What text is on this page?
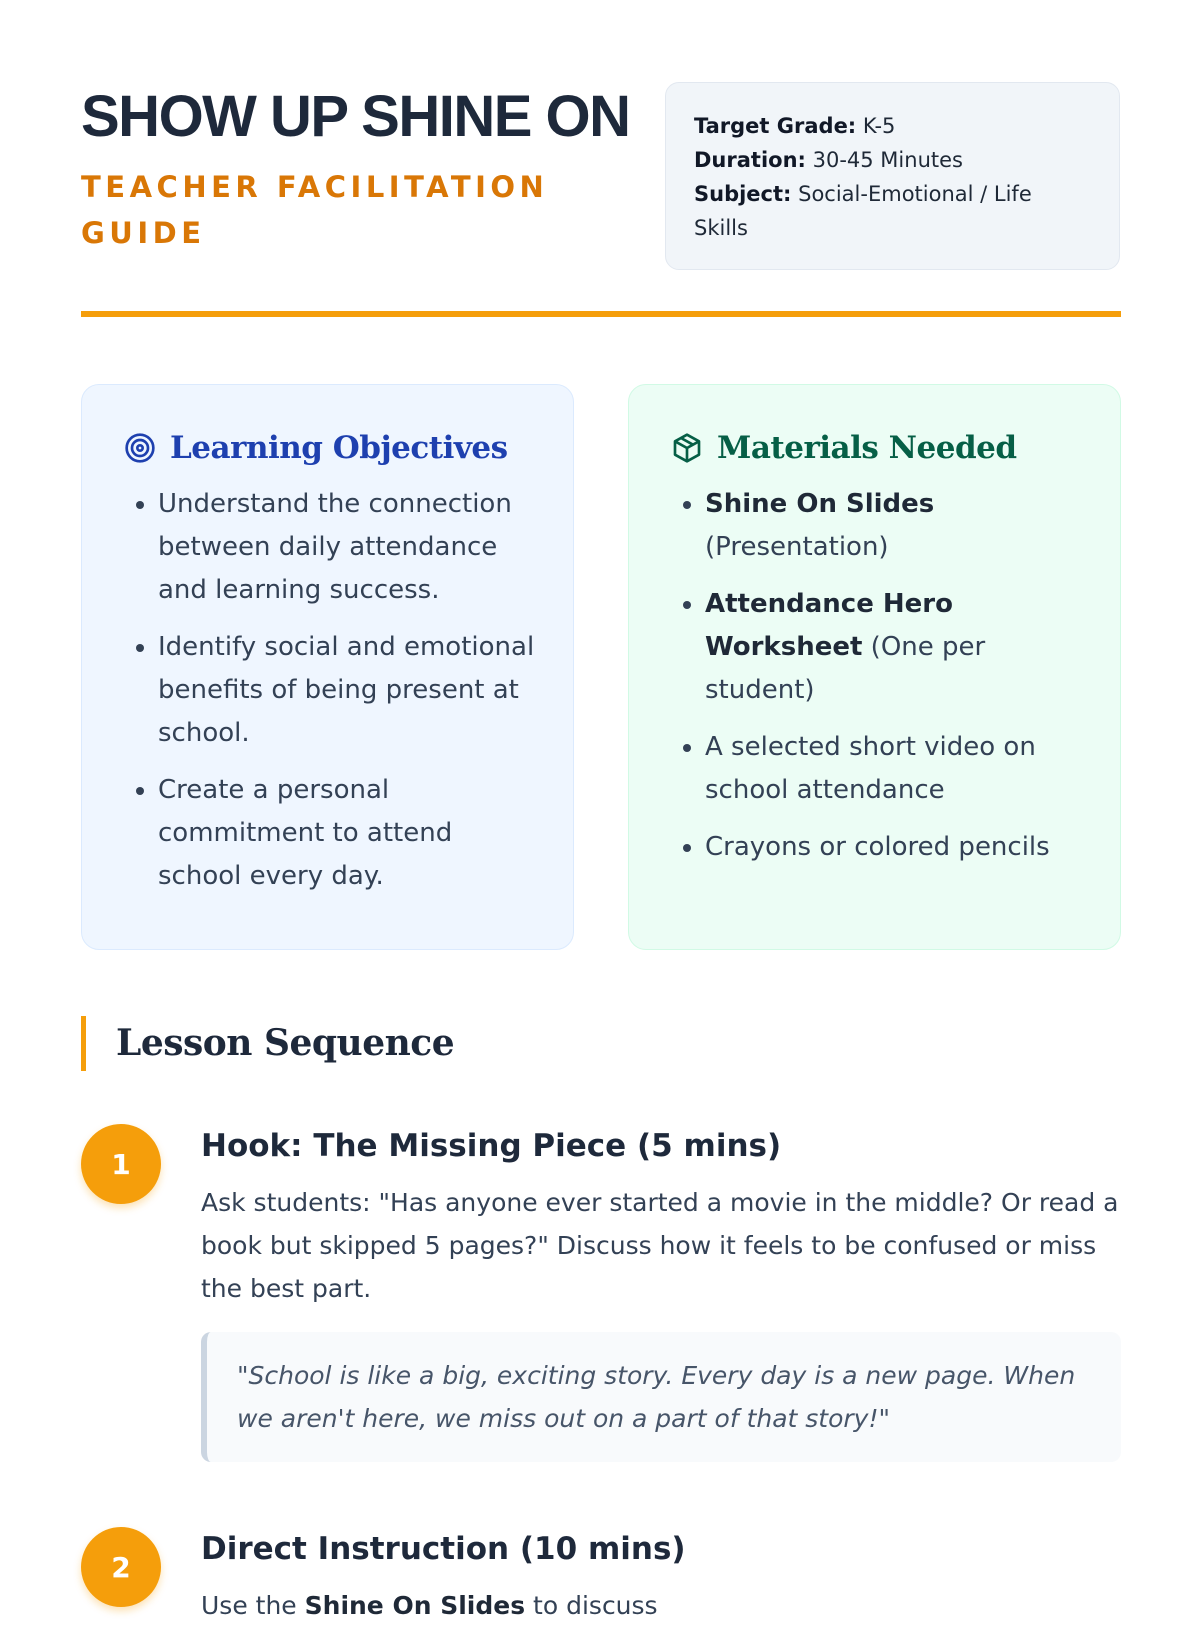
SHOW UP SHINE ON
TEACHER FACILITATION GUIDE
Target Grade: K-5
Duration: 30-45 Minutes
Subject: Social-Emotional / Life Skills
Learning Objectives
• Understand the connection between daily attendance and learning success.
• Identify social and emotional benefits of being present at school.
• Create a personal commitment to attend school every day.
Materials Needed
• Shine On Slides (Presentation)
• Attendance Hero Worksheet (One per student)
• A selected short video on school attendance
• Crayons or colored pencils
Lesson Sequence
1	Hook: The Missing Piece (5 mins)

Ask students: "Has anyone ever started a movie in the middle? Or read a book but skipped 5 pages?" Discuss how it feels to be confused or miss the best part.

"School is like a big, exciting story. Every day is a new page. When we aren't here, we miss out on a part of that story!"
2	Direct Instruction (10 mins)

Use the Shine On Slides to discuss
